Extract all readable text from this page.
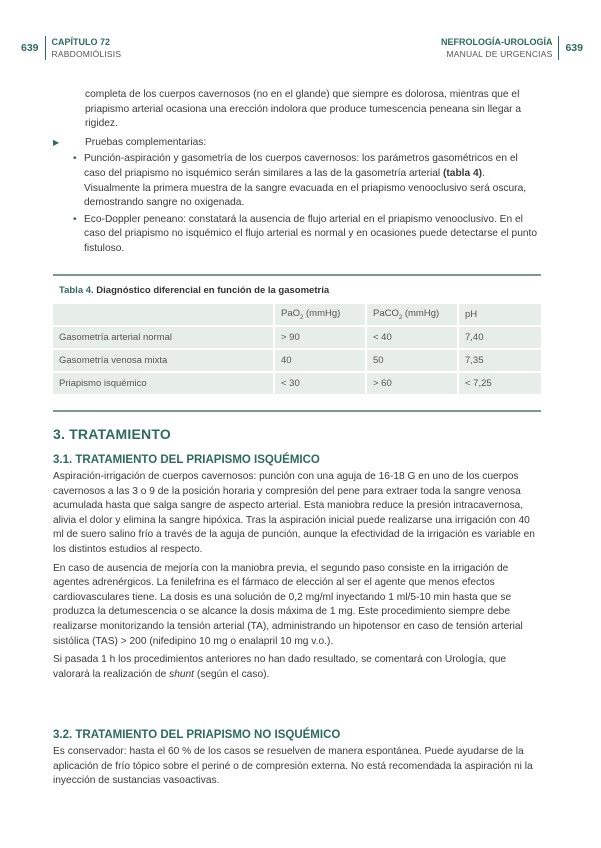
639 CAPÍTULO 72
RABDOMIÓLISIS
NEFROLOGÍA-UROLOGÍA
MANUAL DE URGENCIAS 639

completa de los cuerpos cavernosos (no en el glande) que siempre es dolorosa, mientras que el priapismo arterial ocasiona una erección indolora que produce tumescencia peneana sin llegar a rigidez.

▶	Pruebas complementarias:
• Punción-aspiración y gasometría de los cuerpos cavernosos: los parámetros gasométricos en el caso del priapismo no isquémico serán similares a las de la gasometría arterial (tabla 4). Visualmente la primera muestra de la sangre evacuada en el priapismo venooclusivo será oscura, demostrando sangre no oxigenada.
• Eco-Doppler peneano: constatará la ausencia de flujo arterial en el priapismo venooclusivo. En el caso del priapismo no isquémico el flujo arterial es normal y en ocasiones puede detectarse el punto fistuloso.
Tabla 4. Diagnóstico diferencial en función de la gasometría
	PaO$_2$ (mmHg)	PaCO$_2$ (mmHg)	pH
Gasometría arterial normal	> 90	< 40	7,40
Gasometría venosa mixta	40	50	7,35
Priapismo isquémico	< 30	> 60	< 7,25
3. TRATAMIENTO
3.1. TRATAMIENTO DEL PRIAPISMO ISQUÉMICO

Aspiración-irrigación de cuerpos cavernosos: punción con una aguja de 16-18 G en uno de los cuerpos cavernosos a las 3 o 9 de la posición horaria y compresión del pene para extraer toda la sangre venosa acumulada hasta que salga sangre de aspecto arterial. Esta maniobra reduce la presión intracavernosa, alivia el dolor y elimina la sangre hipóxica. Tras la aspiración inicial puede realizarse una irrigación con 40 ml de suero salino frío a través de la aguja de punción, aunque la efectividad de la irrigación es variable en los distintos estudios al respecto.

En caso de ausencia de mejoría con la maniobra previa, el segundo paso consiste en la irrigación de agentes adrenérgicos. La fenilefrina es el fármaco de elección al ser el agente que menos efectos cardiovasculares tiene. La dosis es una solución de 0,2 mg/ml inyectando 1 ml/5-10 min hasta que se produzca la detumescencia o se alcance la dosis máxima de 1 mg. Este procedimiento siempre debe realizarse monitorizando la tensión arterial (TA), administrando un hipotensor en caso de tensión arterial sistólica (TAS) > 200 (nifedipino 10 mg o enalapril 10 mg v.o.).

Si pasada 1 h los procedimientos anteriores no han dado resultado, se comentará con Urología, que valorará la realización de shunt (según el caso).

3.2. TRATAMIENTO DEL PRIAPISMO NO ISQUÉMICO

Es conservador: hasta el 60 % de los casos se resuelven de manera espontánea. Puede ayudarse de la aplicación de frío tópico sobre el periné o de compresión externa. No está recomendada la aspiración ni la inyección de sustancias vasoactivas.
